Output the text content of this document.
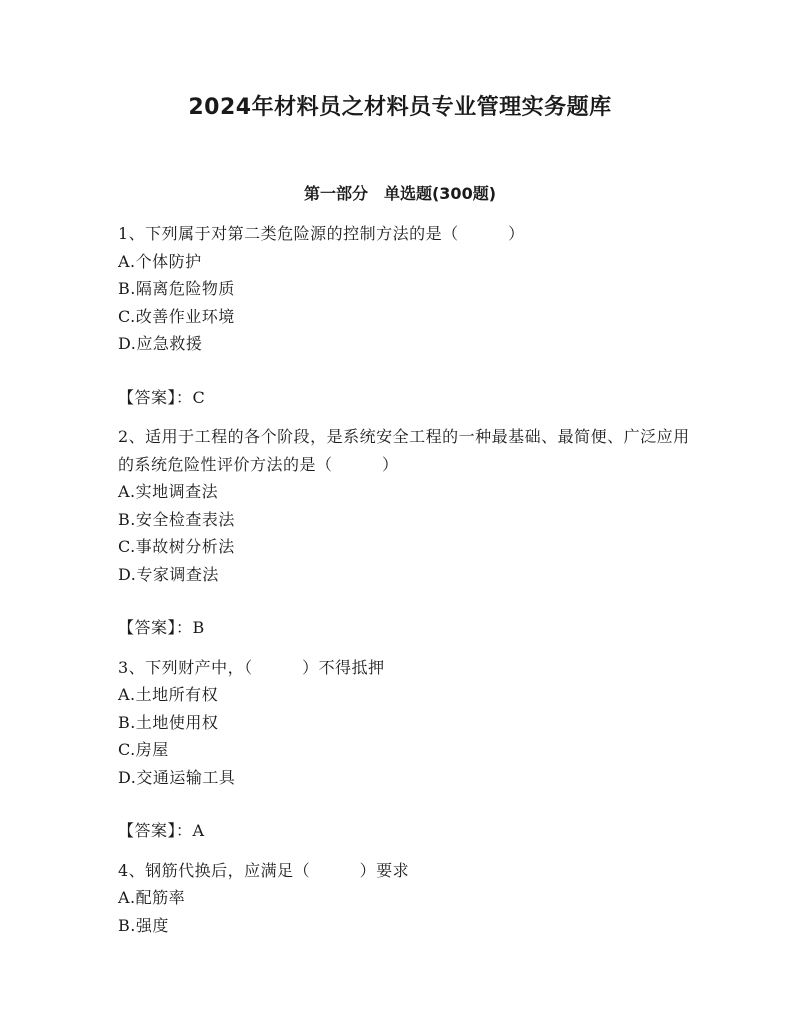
2024年材料员之材料员专业管理实务题库
第一部分　单选题(300题)

1、下列属于对第二类危险源的控制方法的是（　　　）

A.个体防护

B.隔离危险物质

C.改善作业环境

D.应急救援

【答案】：C

2、适用于工程的各个阶段，是系统安全工程的一种最基础、最简便、广泛应用的系统危险性评价方法的是（　　　）

A.实地调查法

B.安全检查表法

C.事故树分析法

D.专家调查法

【答案】：B

3、下列财产中，（　　　）不得抵押

A.土地所有权

B.土地使用权

C.房屋

D.交通运输工具

【答案】：A

4、钢筋代换后，应满足（　　　）要求

A.配筋率

B.强度
